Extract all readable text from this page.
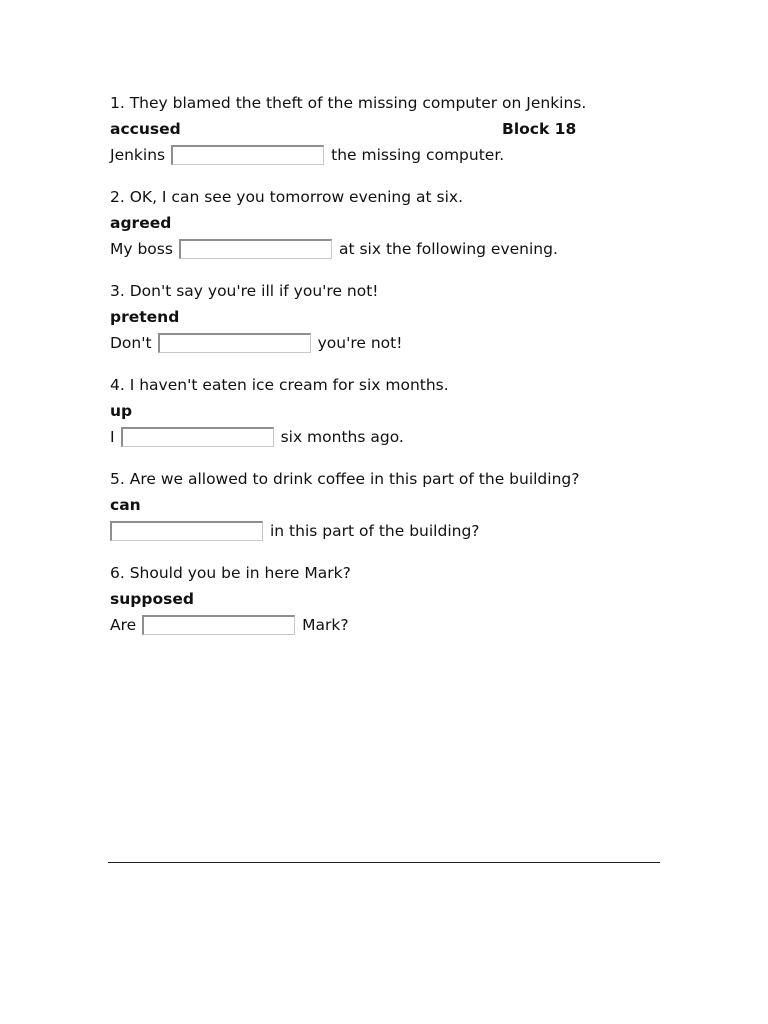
1. They blamed the theft of the missing computer on Jenkins.
accused	Block 18
Jenkins	the missing computer.
2. OK, I can see you tomorrow evening at six.
agreed
My boss	at six the following evening.
3. Don't say you're ill if you're not!
pretend
Don't	you're not!
4. I haven't eaten ice cream for six months.
up
I	six months ago.
5. Are we allowed to drink coffee in this part of the building?
can
in this part of the building?
6. Should you be in here Mark?
supposed
Are	Mark?
